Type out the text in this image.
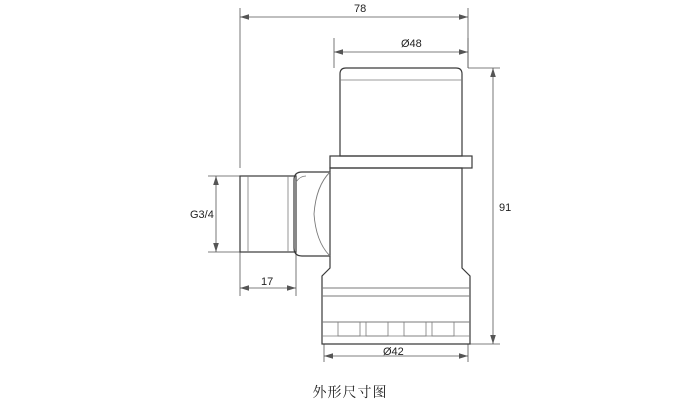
78
Ø48
91
G3/4
17
Ø42
外形尺寸图
